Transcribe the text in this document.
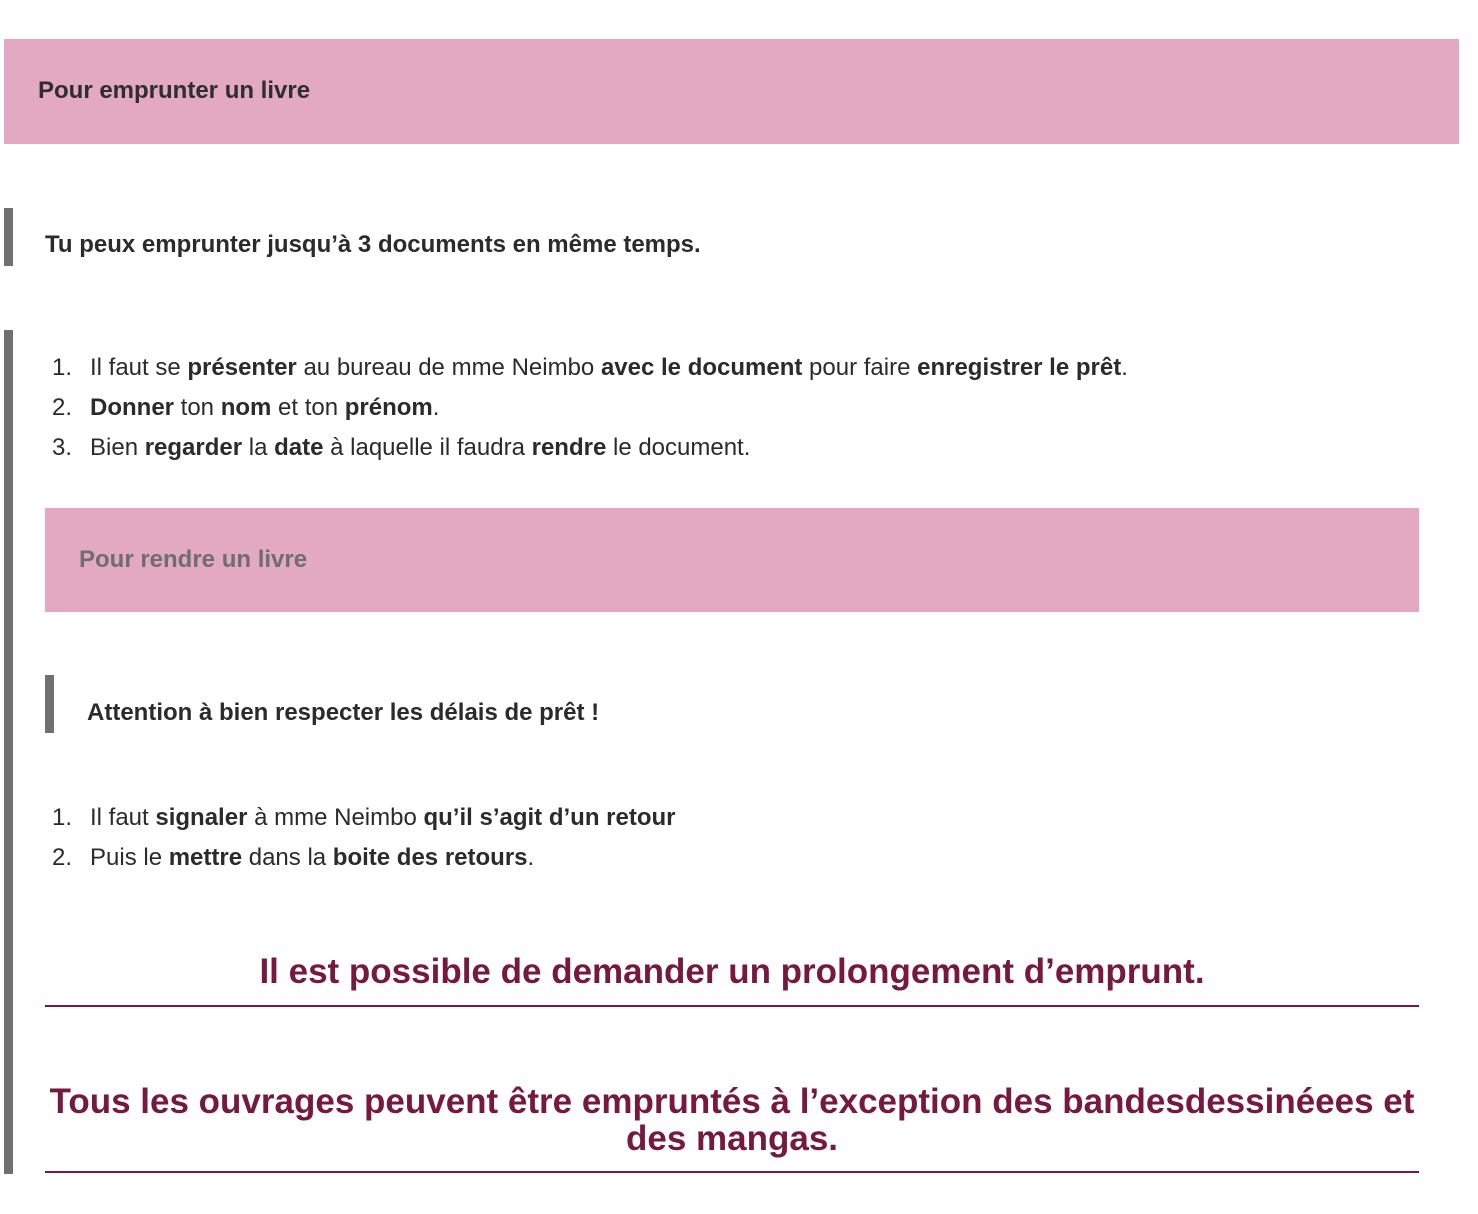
Pour emprunter un livre
Tu peux emprunter jusqu’à 3 documents en même temps.
1. Il faut se présenter au bureau de mme Neimbo avec le document pour faire enregistrer le prêt.
2. Donner ton nom et ton prénom.
3. Bien regarder la date à laquelle il faudra rendre le document.
Pour rendre un livre
Attention à bien respecter les délais de prêt !
1. Il faut signaler à mme Neimbo qu’il s’agit d’un retour
2. Puis le mettre dans la boite des retours.
Il est possible de demander un prolongement d’emprunt.
Tous les ouvrages peuvent être empruntés à l’exception des bandesdessinéees et des mangas.
